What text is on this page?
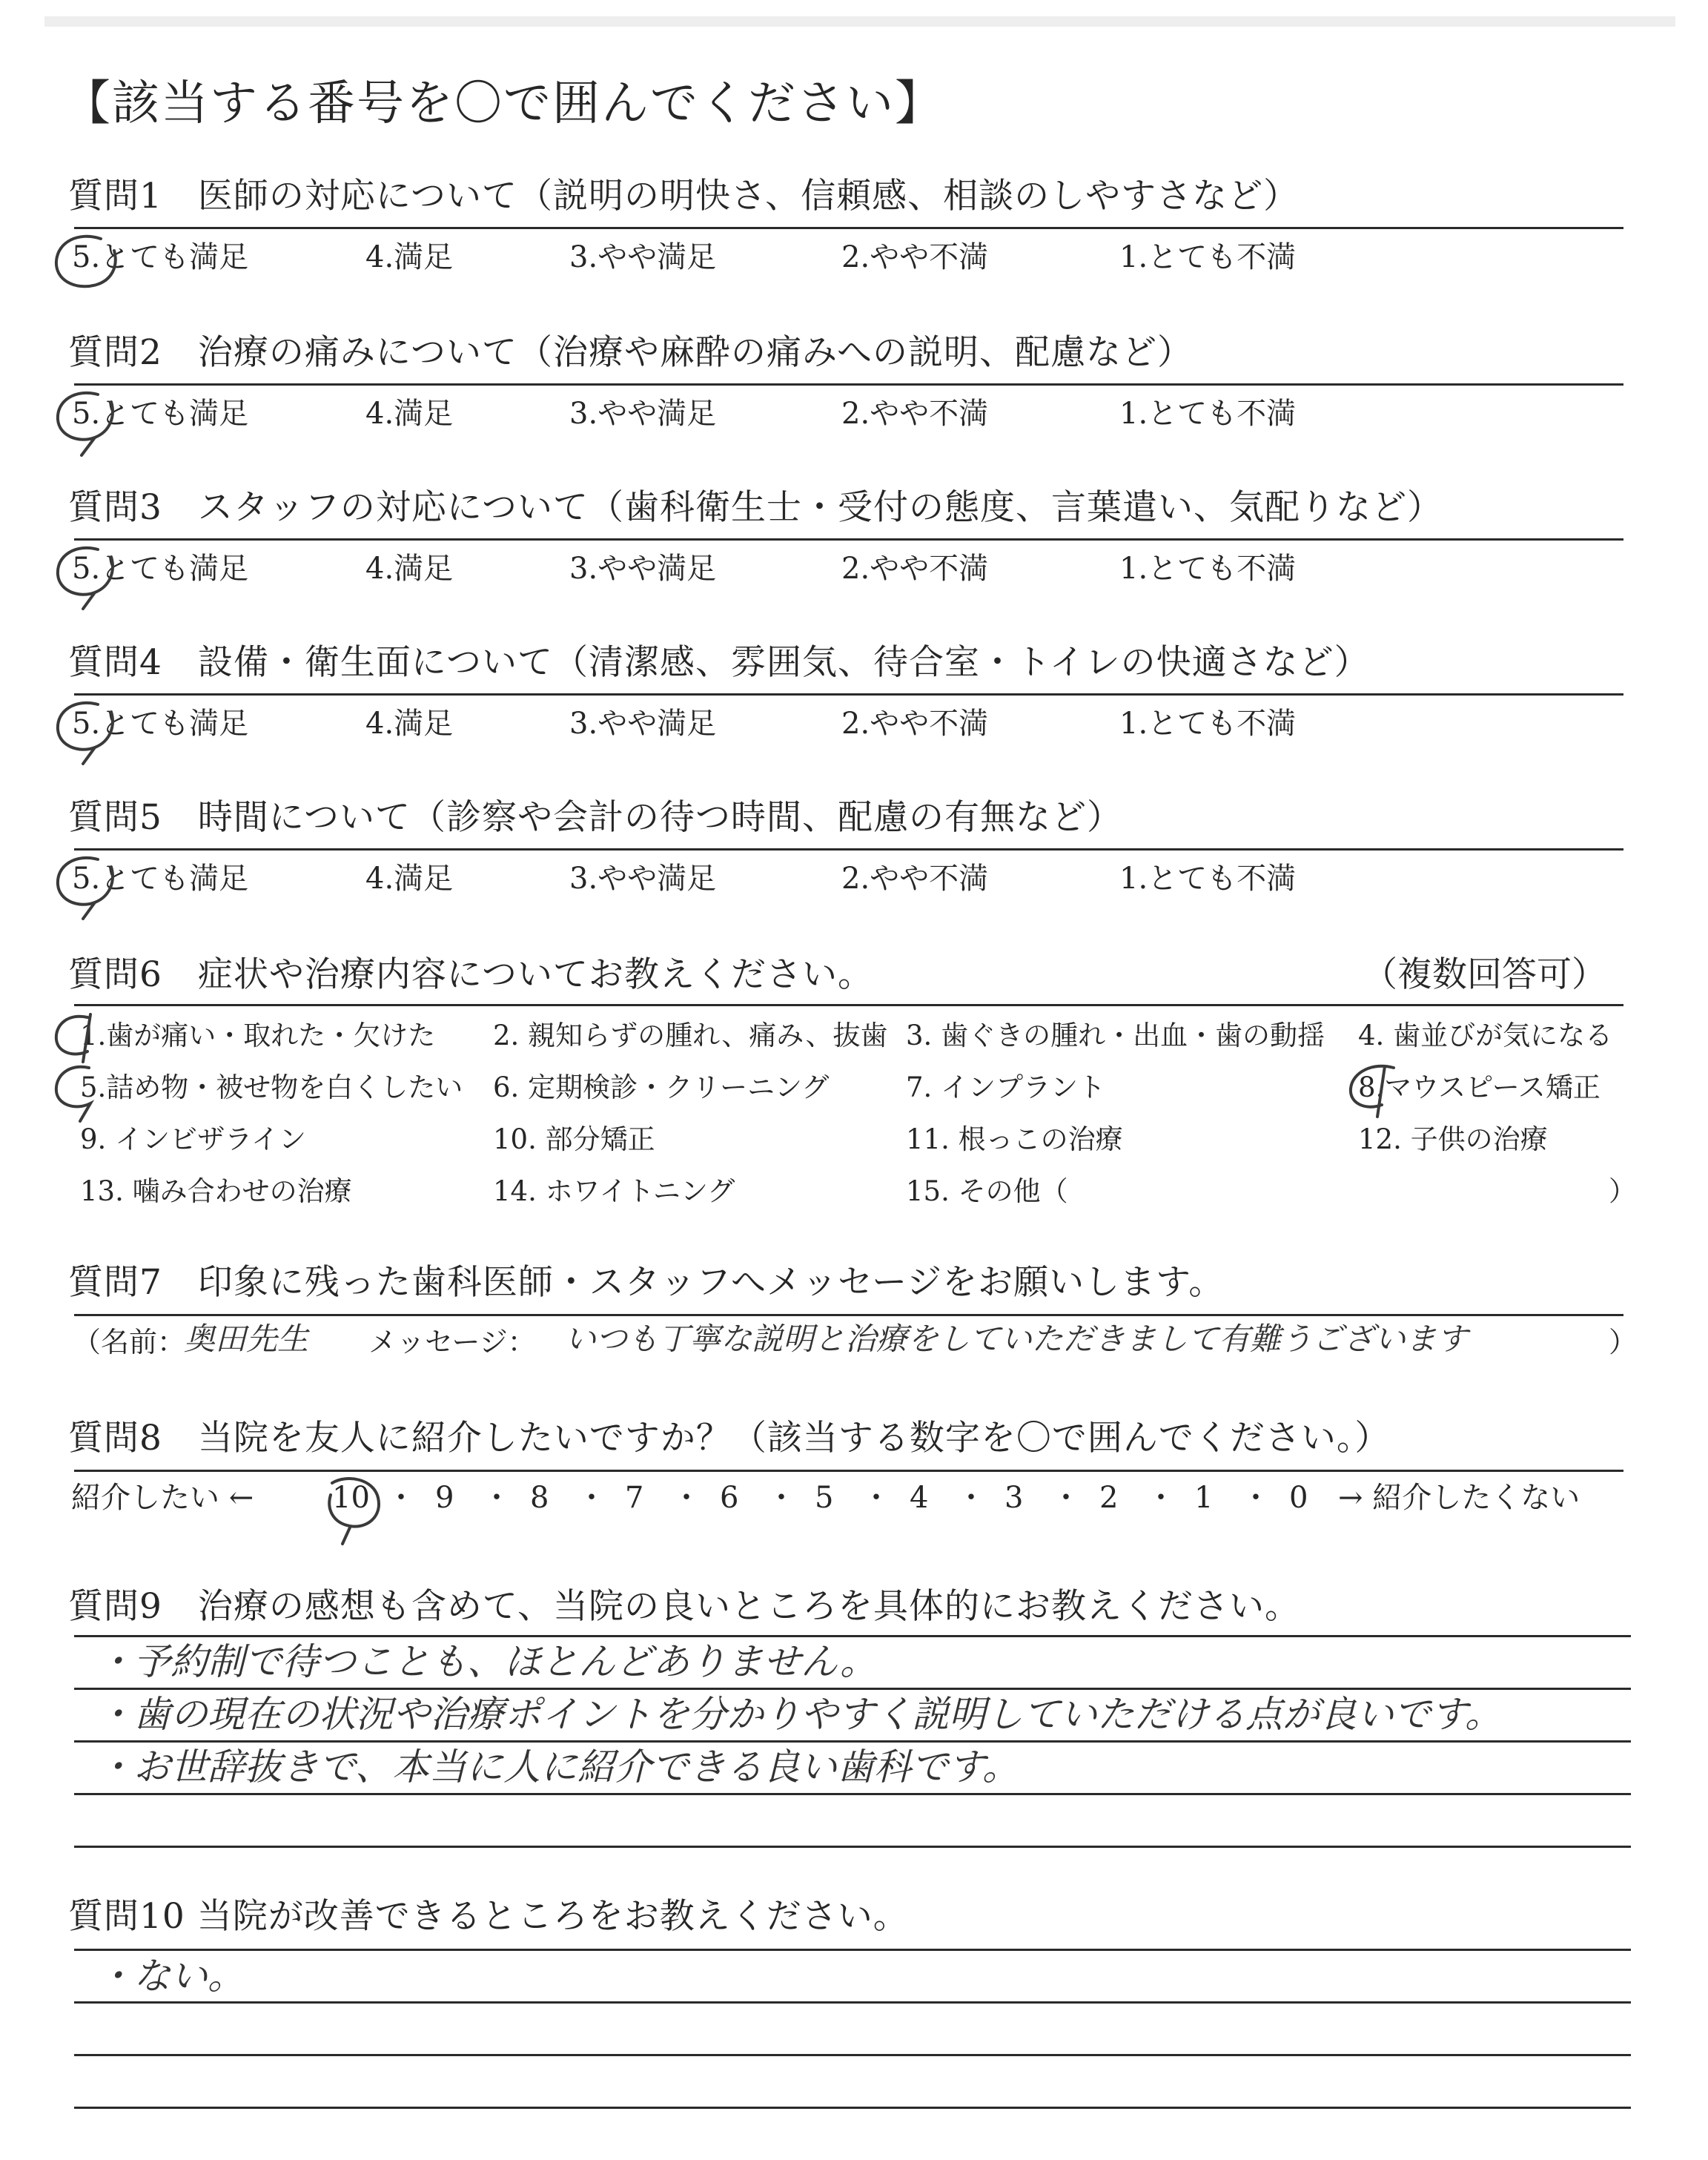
【該当する番号を〇で囲んでください】
質問1　医師の対応について（説明の明快さ、信頼感、相談のしやすさなど）
5.とても満足	4.満足	3.やや満足	2.やや不満	1.とても不満
質問2　治療の痛みについて（治療や麻酔の痛みへの説明、配慮など）
5.とても満足	4.満足	3.やや満足	2.やや不満	1.とても不満
質問3　スタッフの対応について（歯科衛生士・受付の態度、言葉遣い、気配りなど）
5.とても満足	4.満足	3.やや満足	2.やや不満	1.とても不満
質問4　設備・衛生面について（清潔感、雰囲気、待合室・トイレの快適さなど）
5.とても満足	4.満足	3.やや満足	2.やや不満	1.とても不満
質問5　時間について（診察や会計の待つ時間、配慮の有無など）
5.とても満足	4.満足	3.やや満足	2.やや不満	1.とても不満
質問6　症状や治療内容についてお教えください。	（複数回答可）
1.歯が痛い・取れた・欠けた 2. 親知らずの腫れ、痛み、抜歯 3. 歯ぐきの腫れ・出血・歯の動揺 4. 歯並びが気になる
5.詰め物・被せ物を白くしたい 6. 定期検診・クリーニング	7. インプラント	8.マウスピース矯正
9. インビザライン	10. 部分矯正	11. 根っこの治療	12. 子供の治療
13. 噛み合わせの治療	14. ホワイトニング	15. その他（	）
質問7　印象に残った歯科医師・スタッフへメッセージをお願いします。
（名前：
奥田先生 メッセージ： いつも丁寧な説明と治療をしていただきまして有難うございます	）
質問8　当院を友人に紹介したいですか？（該当する数字を〇で囲んでください。）
紹介したい ←	10 ・ 9 ・ 8 ・ 7 ・ 6 ・ 5 ・ 4 ・ 3 ・ 2 ・ 1 ・ 0 → 紹介したくない
質問9　治療の感想も含めて、当院の良いところを具体的にお教えください。
・予約制で待つことも、ほとんどありません。
・歯の現在の状況や治療ポイントを分かりやすく説明していただける点が良いです。
・お世辞抜きで、本当に人に紹介できる良い歯科です。
質問10 当院が改善できるところをお教えください。
・ない。
